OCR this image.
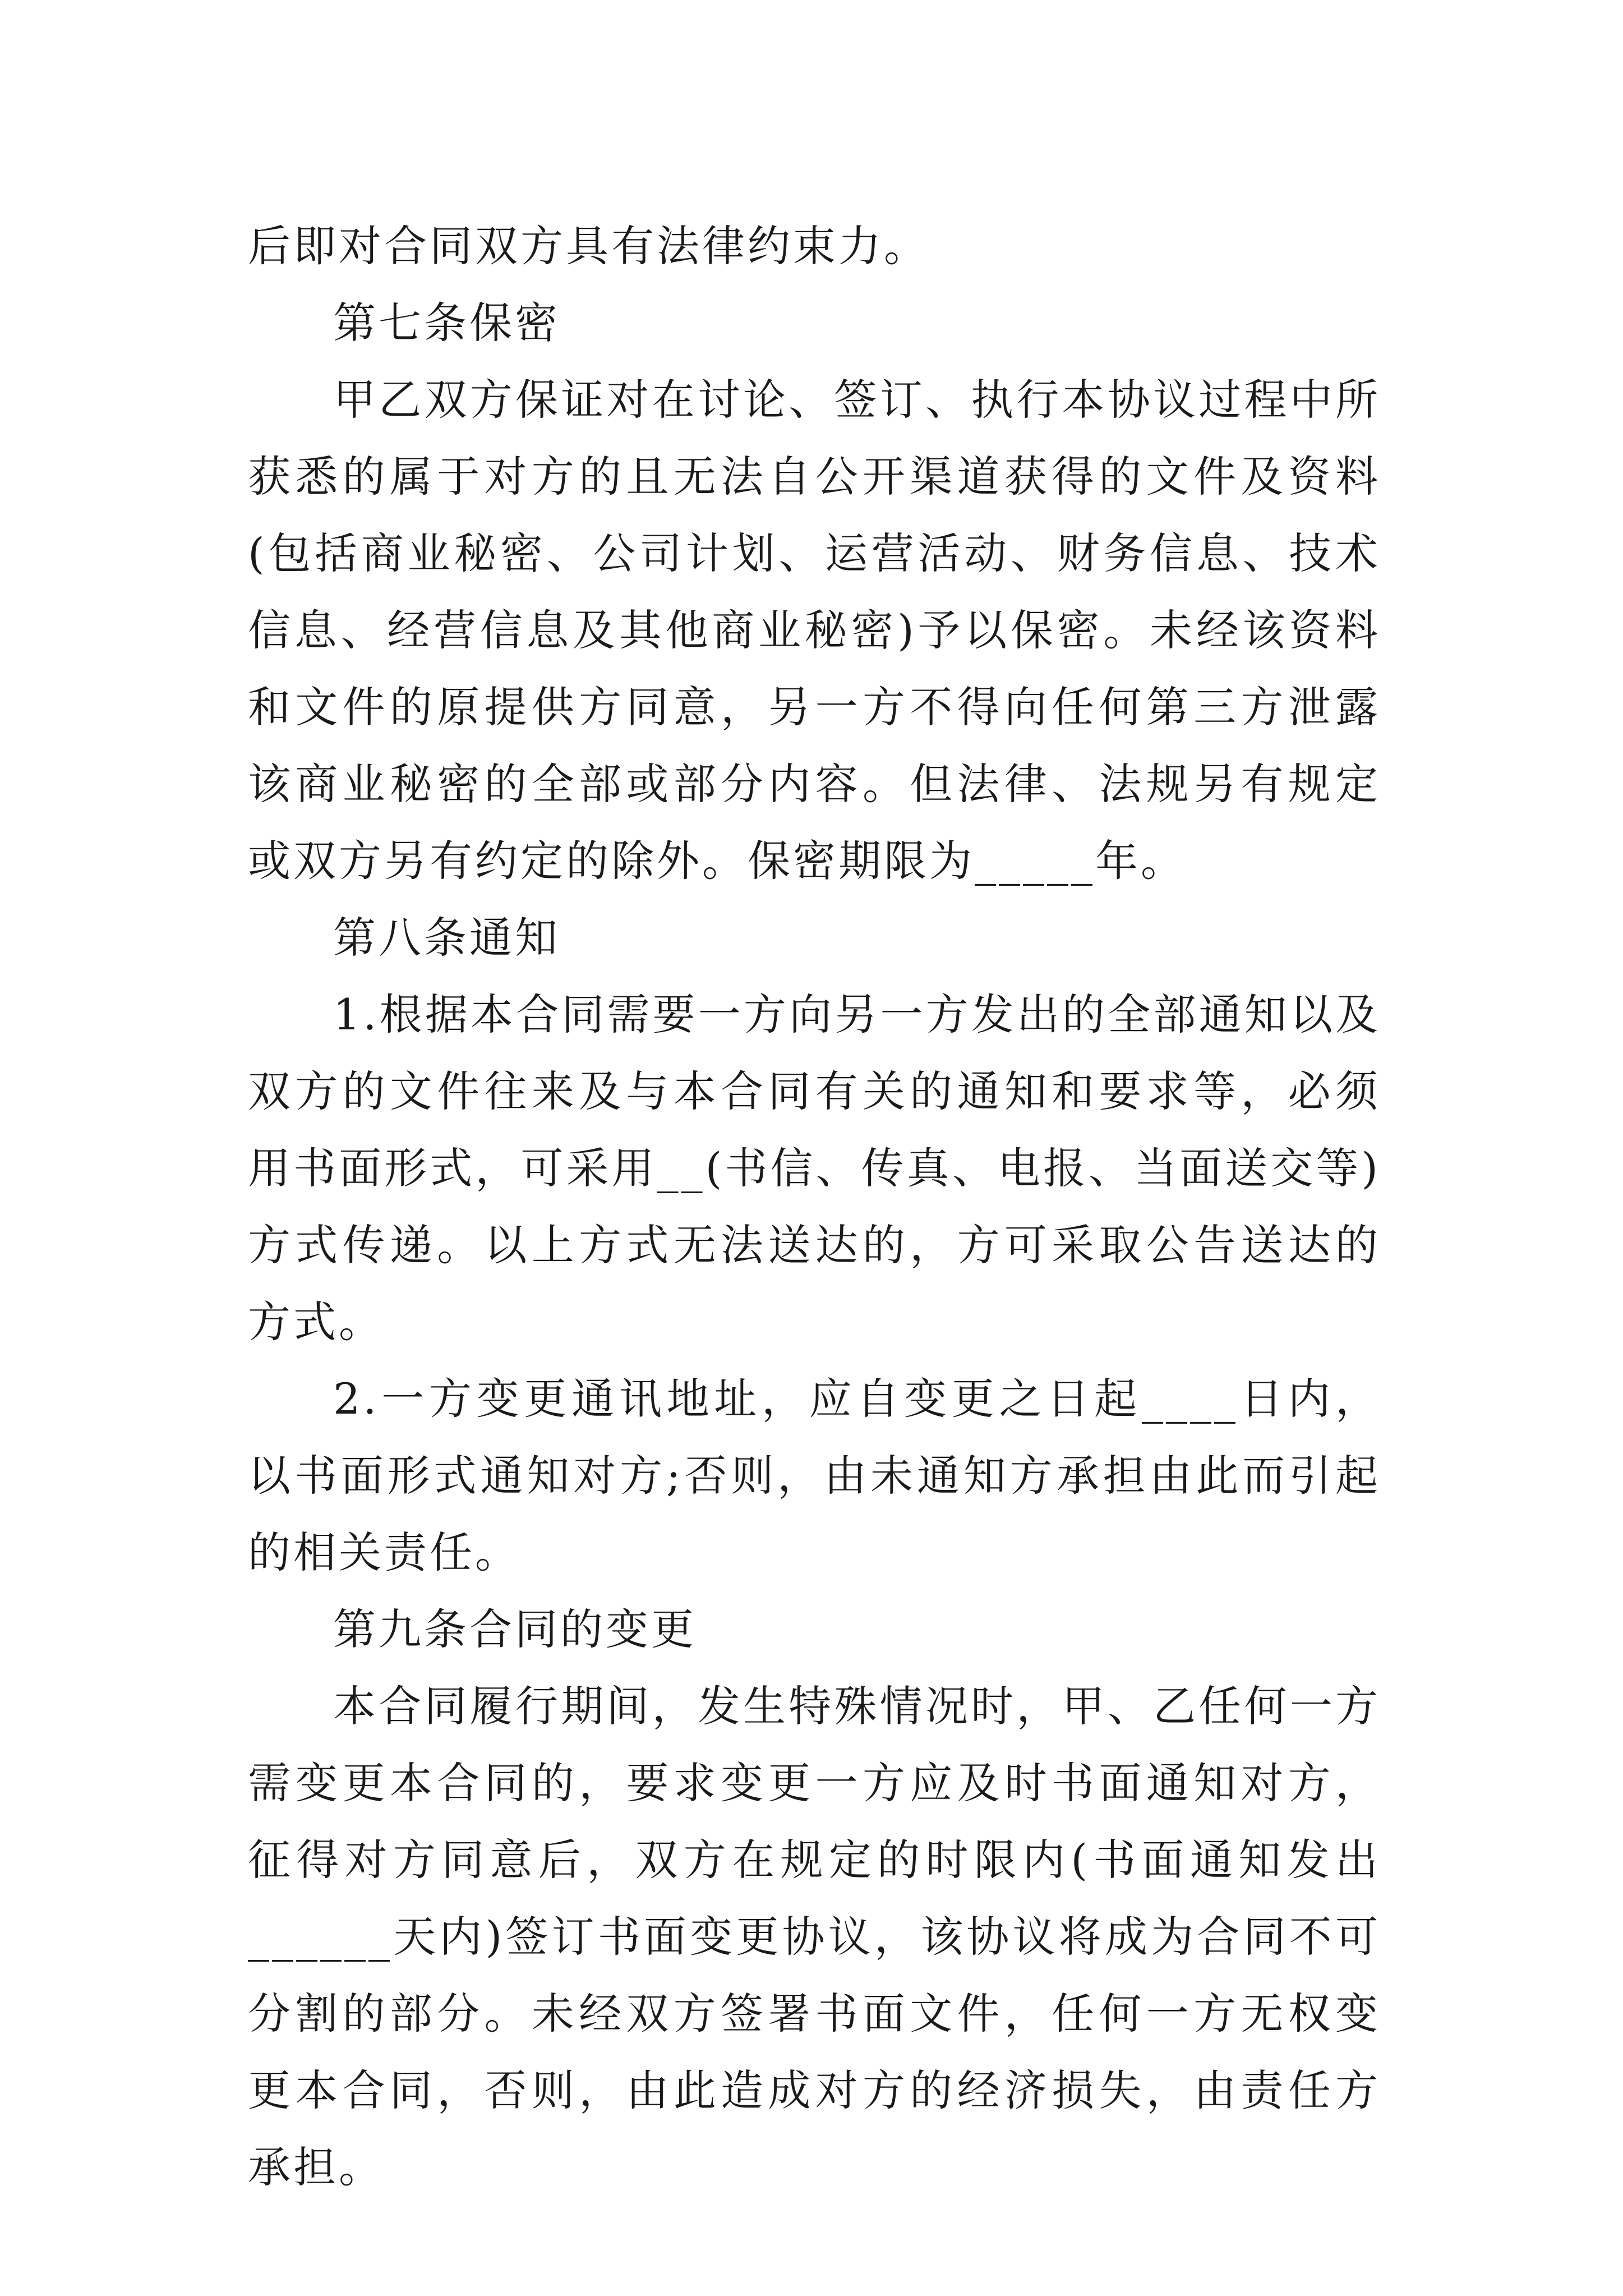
后即对合同双方具有法律约束力。

第七条保密

甲乙双方保证对在讨论、签订、执行本协议过程中所获悉的属于对方的且无法自公开渠道获得的文件及资料(包括商业秘密、公司计划、运营活动、财务信息、技术信息、经营信息及其他商业秘密)予以保密。未经该资料和文件的原提供方同意，另一方不得向任何第三方泄露该商业秘密的全部或部分内容。但法律、法规另有规定或双方另有约定的除外。保密期限为_____年。

第八条通知

1.根据本合同需要一方向另一方发出的全部通知以及双方的文件往来及与本合同有关的通知和要求等，必须用书面形式，可采用__(书信、传真、电报、当面送交等)方式传递。以上方式无法送达的，方可采取公告送达的方式。

2.一方变更通讯地址，应自变更之日起____日内，以书面形式通知对方;否则，由未通知方承担由此而引起的相关责任。

第九条合同的变更

本合同履行期间，发生特殊情况时，甲、乙任何一方需变更本合同的，要求变更一方应及时书面通知对方，征得对方同意后，双方在规定的时限内(书面通知发出______天内)签订书面变更协议，该协议将成为合同不可分割的部分。未经双方签署书面文件，任何一方无权变更本合同，否则，由此造成对方的经济损失，由责任方承担。
